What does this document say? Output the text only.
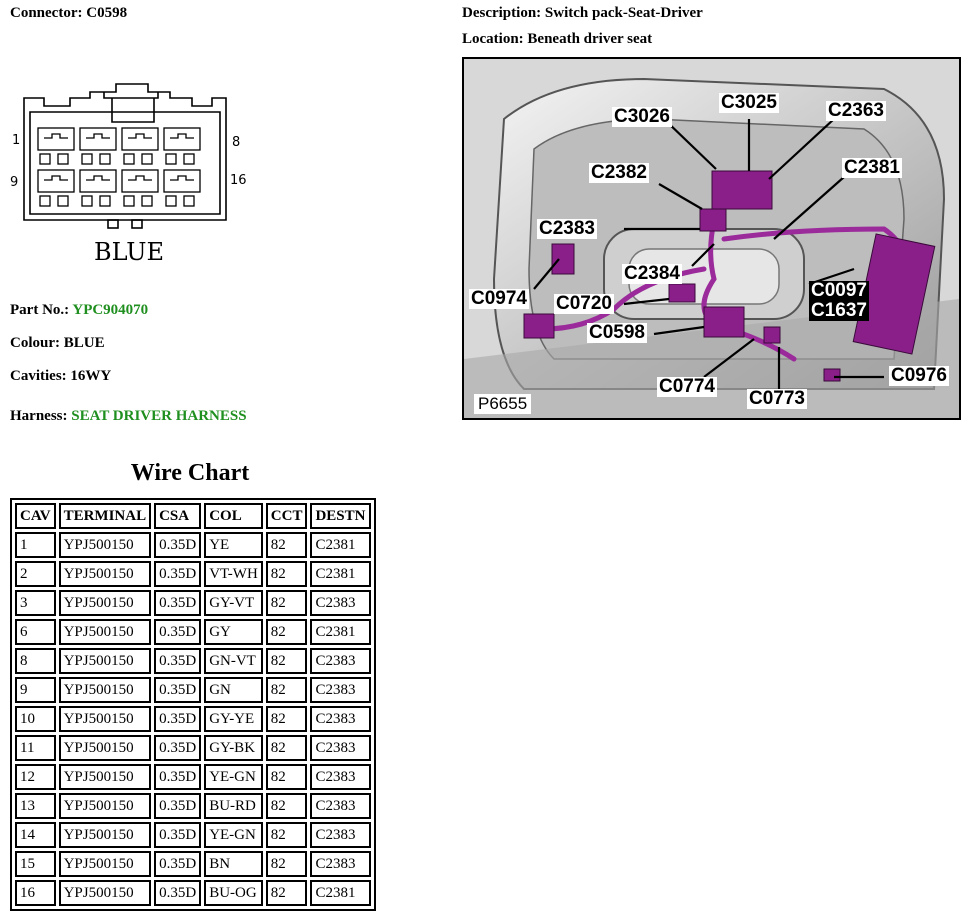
Connector: C0598	Description: Switch pack-Seat-Driver
Location: Beneath driver seat
1	8
9	16
BLUE
Part No.: YPC904070
Colour: BLUE
Cavities: 16WY
Harness: SEAT DRIVER HARNESS
C3026
C3025	C2363
C2382	C2381
C2383
C2384
C0974 C0720
C0097
C1637
C0598
C0774
C0773
C0976
P6655
Wire Chart
CAV	TERMINAL	CSA	COL	CCT	DESTN
1	YPJ500150	0.35D	YE	82	C2381
2	YPJ500150	0.35D	VT-WH	82	C2381
3	YPJ500150	0.35D	GY-VT	82	C2383
6	YPJ500150	0.35D	GY	82	C2381
8	YPJ500150	0.35D	GN-VT	82	C2383
9	YPJ500150	0.35D	GN	82	C2383
10	YPJ500150	0.35D	GY-YE	82	C2383
11	YPJ500150	0.35D	GY-BK	82	C2383
12	YPJ500150	0.35D	YE-GN	82	C2383
13	YPJ500150	0.35D	BU-RD	82	C2383
14	YPJ500150	0.35D	YE-GN	82	C2383
15	YPJ500150	0.35D	BN	82	C2383
16	YPJ500150	0.35D	BU-OG	82	C2381
